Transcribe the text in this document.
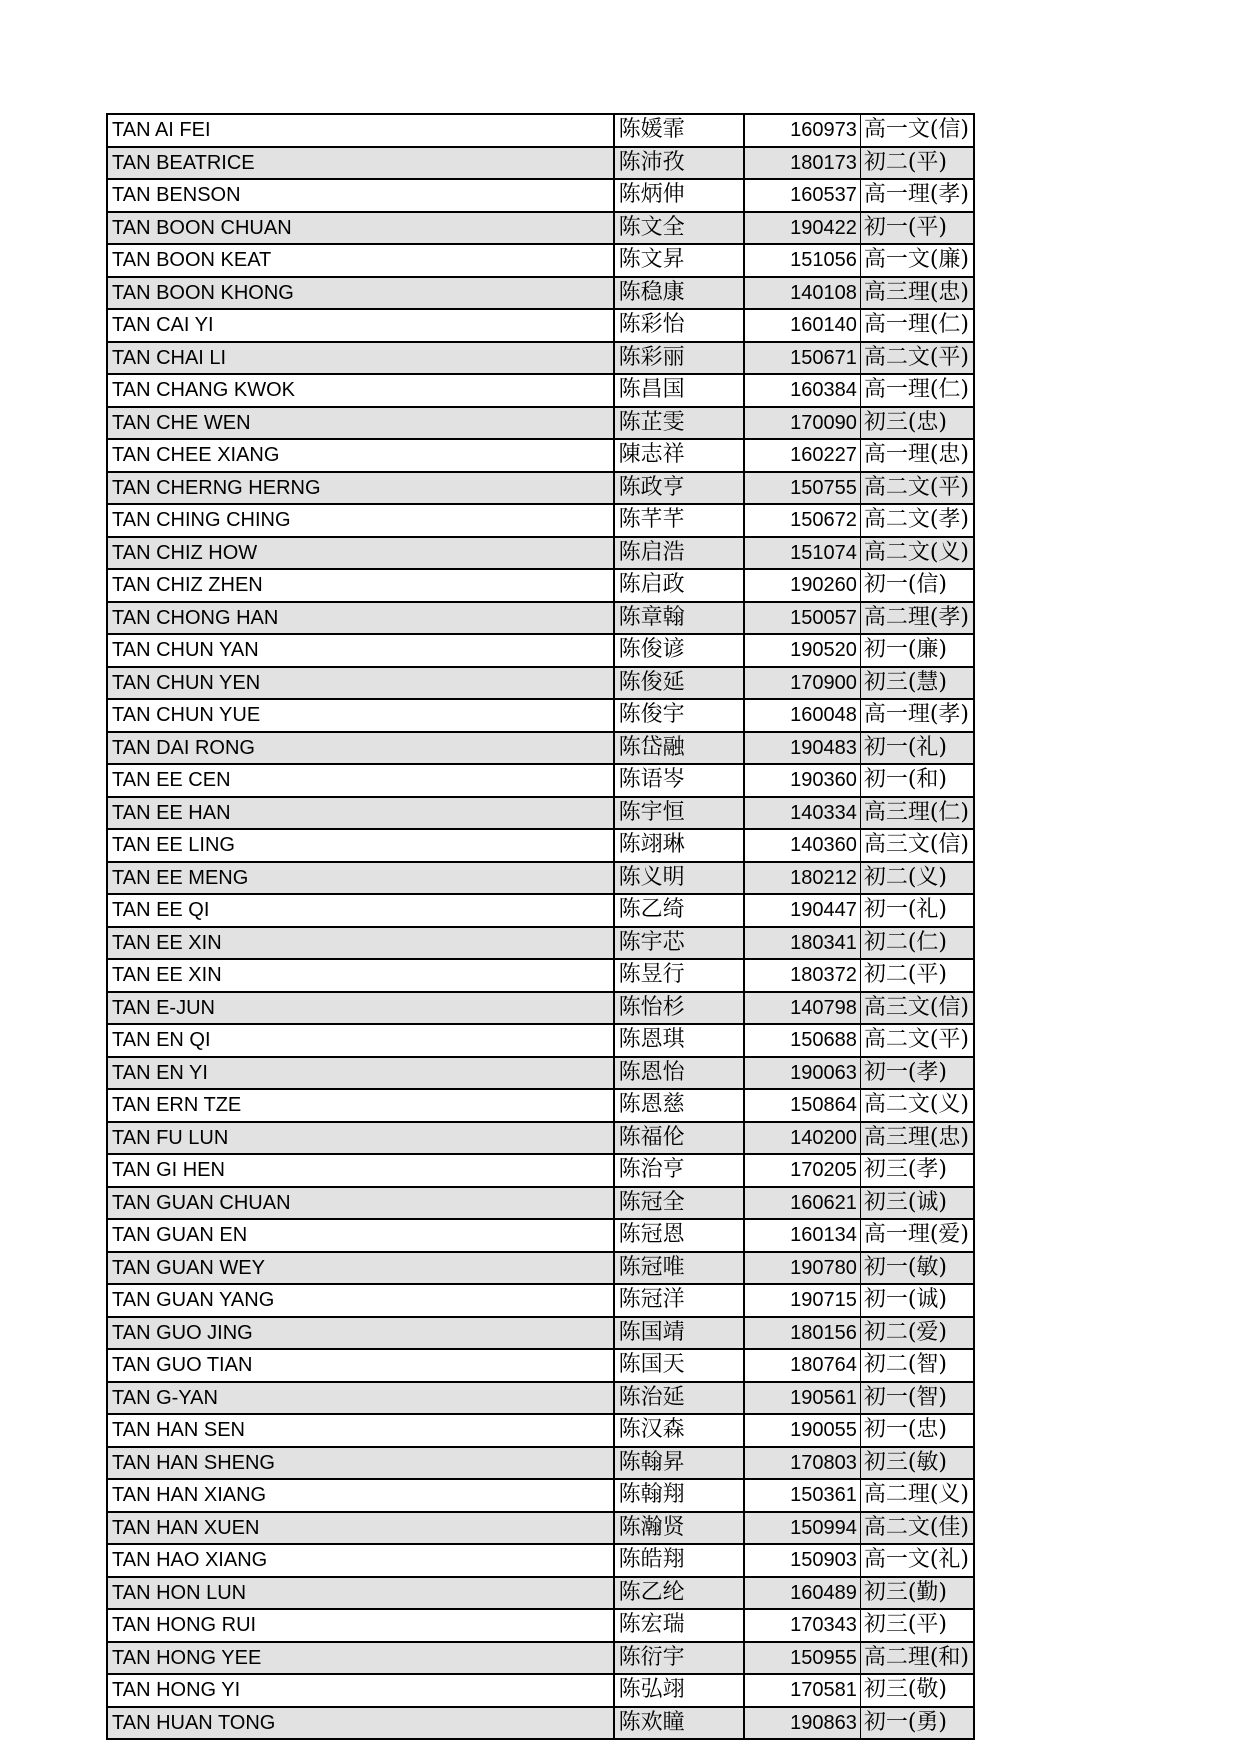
TAN AI FEI	陈媛霏	160973	高一文(信)
TAN BEATRICE	陈沛孜	180173	初二(平)
TAN BENSON	陈炳伸	160537	高一理(孝)
TAN BOON CHUAN	陈文全	190422	初一(平)
TAN BOON KEAT	陈文昇	151056	高一文(廉)
TAN BOON KHONG	陈稳康	140108	高三理(忠)
TAN CAI YI	陈彩怡	160140	高一理(仁)
TAN CHAI LI	陈彩丽	150671	高二文(平)
TAN CHANG KWOK	陈昌国	160384	高一理(仁)
TAN CHE WEN	陈芷雯	170090	初三(忠)
TAN CHEE XIANG	陳志祥	160227	高一理(忠)
TAN CHERNG HERNG	陈政亨	150755	高二文(平)
TAN CHING CHING	陈芊芊	150672	高二文(孝)
TAN CHIZ HOW	陈启浩	151074	高二文(义)
TAN CHIZ ZHEN	陈启政	190260	初一(信)
TAN CHONG HAN	陈章翰	150057	高二理(孝)
TAN CHUN YAN	陈俊谚	190520	初一(廉)
TAN CHUN YEN	陈俊延	170900	初三(慧)
TAN CHUN YUE	陈俊宇	160048	高一理(孝)
TAN DAI RONG	陈岱融	190483	初一(礼)
TAN EE CEN	陈语岑	190360	初一(和)
TAN EE HAN	陈宇恒	140334	高三理(仁)
TAN EE LING	陈翊琳	140360	高三文(信)
TAN EE MENG	陈义明	180212	初二(义)
TAN EE QI	陈乙绮	190447	初一(礼)
TAN EE XIN	陈宇芯	180341	初二(仁)
TAN EE XIN	陈昱行	180372	初二(平)
TAN E-JUN	陈怡杉	140798	高三文(信)
TAN EN QI	陈恩琪	150688	高二文(平)
TAN EN YI	陈恩怡	190063	初一(孝)
TAN ERN TZE	陈恩慈	150864	高二文(义)
TAN FU LUN	陈福伦	140200	高三理(忠)
TAN GI HEN	陈治亨	170205	初三(孝)
TAN GUAN CHUAN	陈冠全	160621	初三(诚)
TAN GUAN EN	陈冠恩	160134	高一理(爱)
TAN GUAN WEY	陈冠唯	190780	初一(敏)
TAN GUAN YANG	陈冠洋	190715	初一(诚)
TAN GUO JING	陈国靖	180156	初二(爱)
TAN GUO TIAN	陈国天	180764	初二(智)
TAN G-YAN	陈治延	190561	初一(智)
TAN HAN SEN	陈汉森	190055	初一(忠)
TAN HAN SHENG	陈翰昇	170803	初三(敏)
TAN HAN XIANG	陈翰翔	150361	高二理(义)
TAN HAN XUEN	陈瀚贤	150994	高二文(佳)
TAN HAO XIANG	陈皓翔	150903	高一文(礼)
TAN HON LUN	陈乙纶	160489	初三(勤)
TAN HONG RUI	陈宏瑞	170343	初三(平)
TAN HONG YEE	陈衍宇	150955	高二理(和)
TAN HONG YI	陈弘翊	170581	初三(敬)
TAN HUAN TONG	陈欢瞳	190863	初一(勇)
